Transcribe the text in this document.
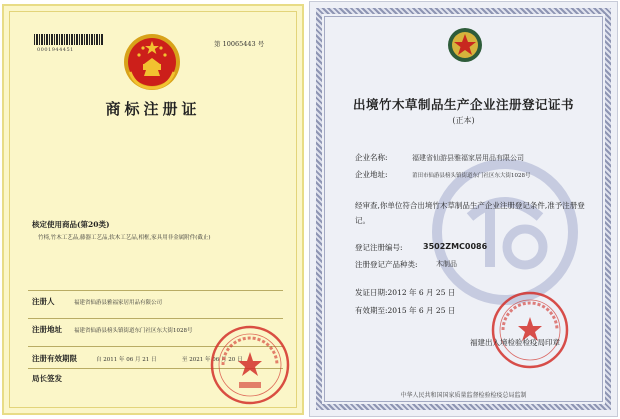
0001944451
第 10065443 号
商标注册证
核定使用商品(第20类)
竹椅,竹木工艺品,藤器工艺品,软木工艺品,相框,家具用非金属附件(截止)
注册人	福建省仙游县雅福家居用品有限公司
注册地址 福建省仙游县榜头镇街道东门社区东大街1028号
注册有效期限	自 2011 年 06 月 21 日	至 2021 年 06 月 20 日
局长签发
出境竹木草制品生产企业注册登记证书
(正本)
企业名称:	福建省仙游县雅福家居用品有限公司
企业地址:	莆田市仙游县榜头镇街道东门社区东大街1028号
经审查,你单位符合出境竹木草制品生产企业注册登记条件,准予注册登记。
登记注册编号:	3502ZMC0086
注册登记产品种类:	木制品
发证日期:2012 年 6 月 25 日
有效期至:2015 年 6 月 25 日
福建出入境检验检疫局印章
中华人民共和国国家质量监督检验检疫总局监制
